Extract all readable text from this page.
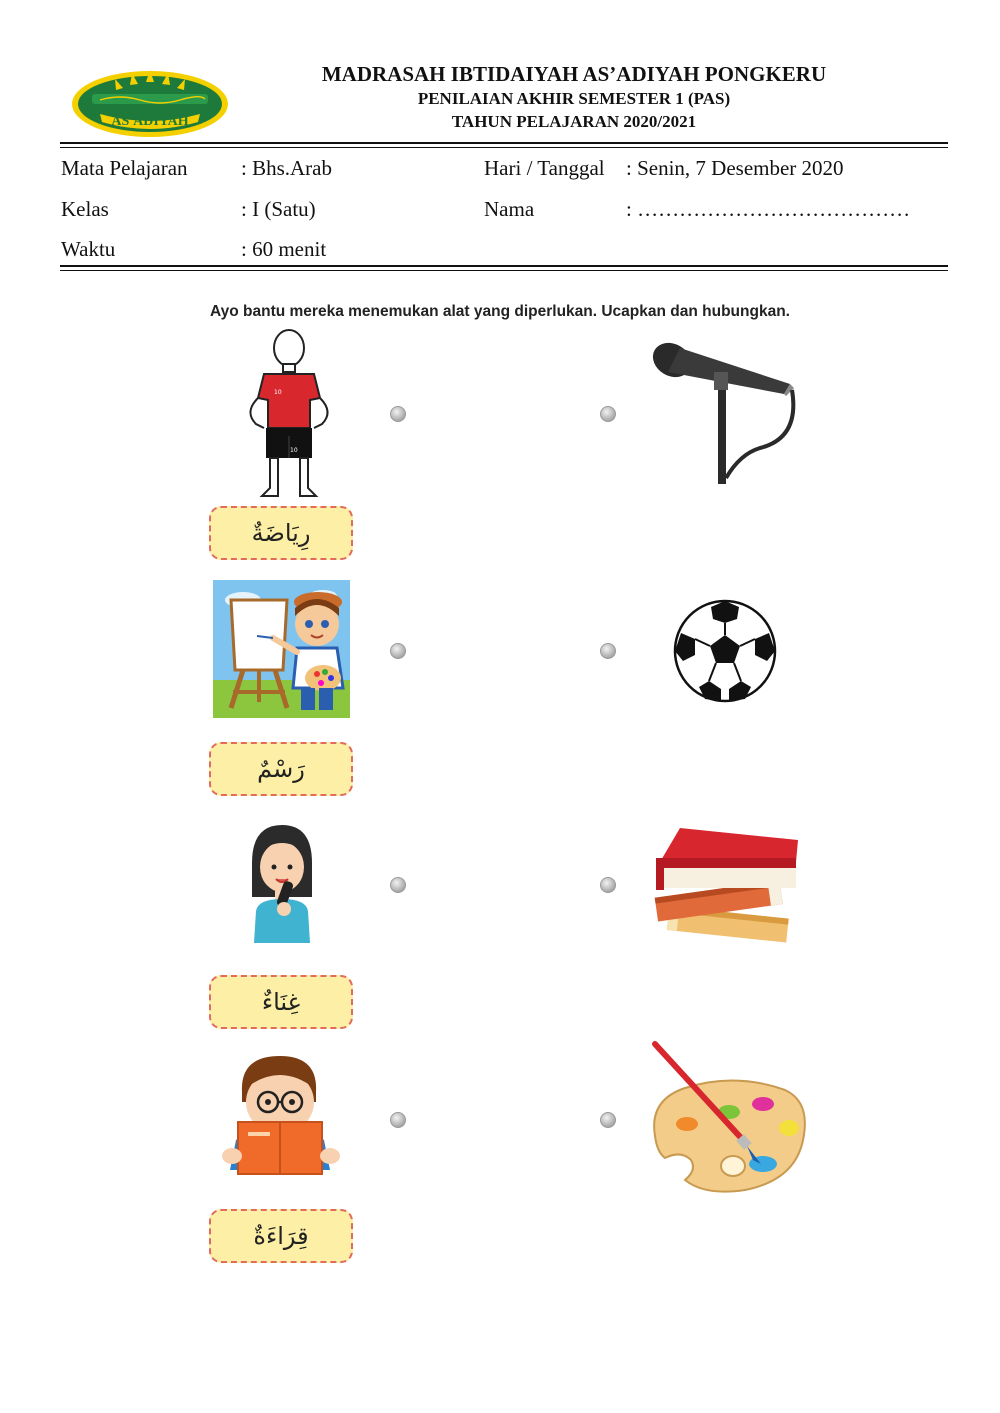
AS'ADIYAH
MADRASAH IBTIDAIYAH AS’ADIYAH PONGKERU
PENILAIAN AKHIR SEMESTER 1 (PAS)
TAHUN PELAJARAN 2020/2021
Mata Pelajaran	: Bhs.Arab	Hari / Tanggal : Senin, 7 Desember 2020
Kelas	: I (Satu)	Nama	: …………………………………
Waktu	: 60 menit
Ayo bantu mereka menemukan alat yang diperlukan. Ucapkan dan hubungkan.
10
10
رِيَاضَةٌ
رَسْمٌ
غِنَاءٌ
قِرَاءَةٌ
